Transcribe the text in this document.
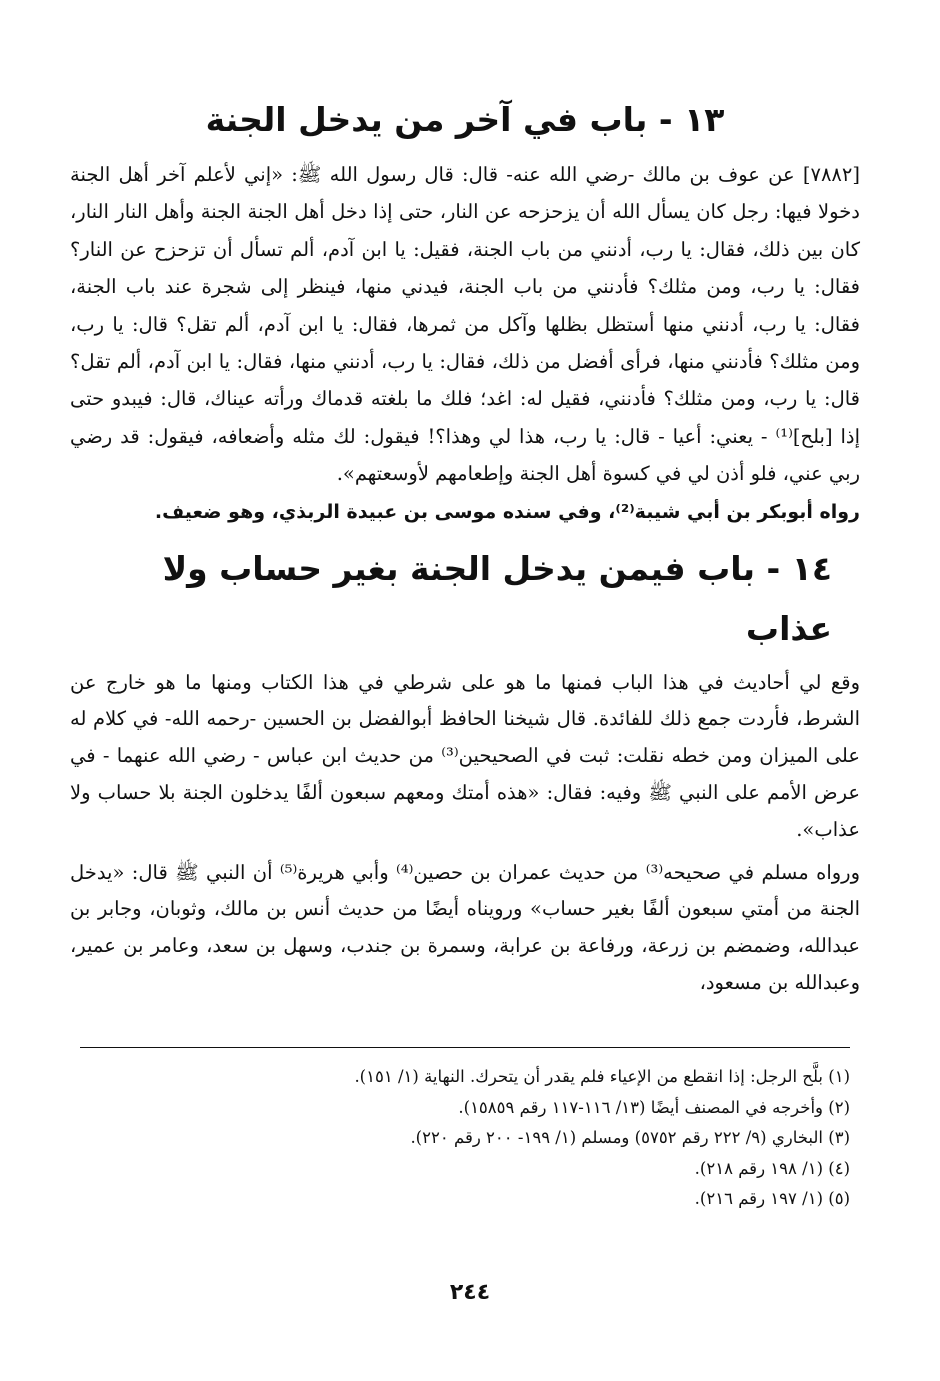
١٣ - باب في آخر من يدخل الجنة

[٧٨٨٢] عن عوف بن مالك -رضي الله عنه- قال: قال رسول الله ﷺ: «إني لأعلم آخر أهل الجنة دخولا فيها: رجل كان يسأل الله أن يزحزحه عن النار، حتى إذا دخل أهل الجنة الجنة وأهل النار النار، كان بين ذلك، فقال: يا رب، أدنني من باب الجنة، فقيل: يا ابن آدم، ألم تسأل أن تزحزح عن النار؟ فقال: يا رب، ومن مثلك؟ فأدنني من باب الجنة، فيدني منها، فينظر إلى شجرة عند باب الجنة، فقال: يا رب، أدنني منها أستظل بظلها وآكل من ثمرها، فقال: يا ابن آدم، ألم تقل؟ قال: يا رب، ومن مثلك؟ فأدنني منها، فرأى أفضل من ذلك، فقال: يا رب، أدنني منها، فقال: يا ابن آدم، ألم تقل؟ قال: يا رب، ومن مثلك؟ فأدنني، فقيل له: اغد؛ فلك ما بلغته قدماك ورأته عيناك، قال: فيبدو حتى إذا [بلح]⁽¹⁾ - يعني: أعيا - قال: يا رب، هذا لي وهذا؟! فيقول: لك مثله وأضعافه، فيقول: قد رضي ربي عني، فلو أذن لي في كسوة أهل الجنة وإطعامهم لأوسعتهم».

رواه أبوبكر بن أبي شيبة⁽²⁾، وفي سنده موسى بن عبيدة الربذي، وهو ضعيف.

١٤ - باب فيمن يدخل الجنة بغير حساب ولا عذاب

وقع لي أحاديث في هذا الباب فمنها ما هو على شرطي في هذا الكتاب ومنها ما هو خارج عن الشرط، فأردت جمع ذلك للفائدة. قال شيخنا الحافظ أبوالفضل بن الحسين -رحمه الله- في كلام له على الميزان ومن خطه نقلت: ثبت في الصحيحين⁽³⁾ من حديث ابن عباس - رضي الله عنهما - في عرض الأمم على النبي ﷺ وفيه: فقال: «هذه أمتك ومعهم سبعون ألفًا يدخلون الجنة بلا حساب ولا عذاب».

ورواه مسلم في صحيحه⁽³⁾ من حديث عمران بن حصين⁽⁴⁾ وأبي هريرة⁽⁵⁾ أن النبي ﷺ قال: «يدخل الجنة من أمتي سبعون ألفًا بغير حساب» ورويناه أيضًا من حديث أنس بن مالك، وثوبان، وجابر بن عبدالله، وضمضم بن زرعة، ورفاعة بن عرابة، وسمرة بن جندب، وسهل بن سعد، وعامر بن عمير، وعبدالله بن مسعود،

(١) بلَّح الرجل: إذا انقطع من الإعياء فلم يقدر أن يتحرك. النهاية (١/ ١٥١).
(٢) وأخرجه في المصنف أيضًا (١٣/ ١١٦-١١٧ رقم ١٥٨٥٩).
(٣) البخاري (٩/ ٢٢٢ رقم ٥٧٥٢) ومسلم (١/ ١٩٩- ٢٠٠ رقم ٢٢٠).
(٤) (١/ ١٩٨ رقم ٢١٨).
(٥) (١/ ١٩٧ رقم ٢١٦).
٢٤٤
